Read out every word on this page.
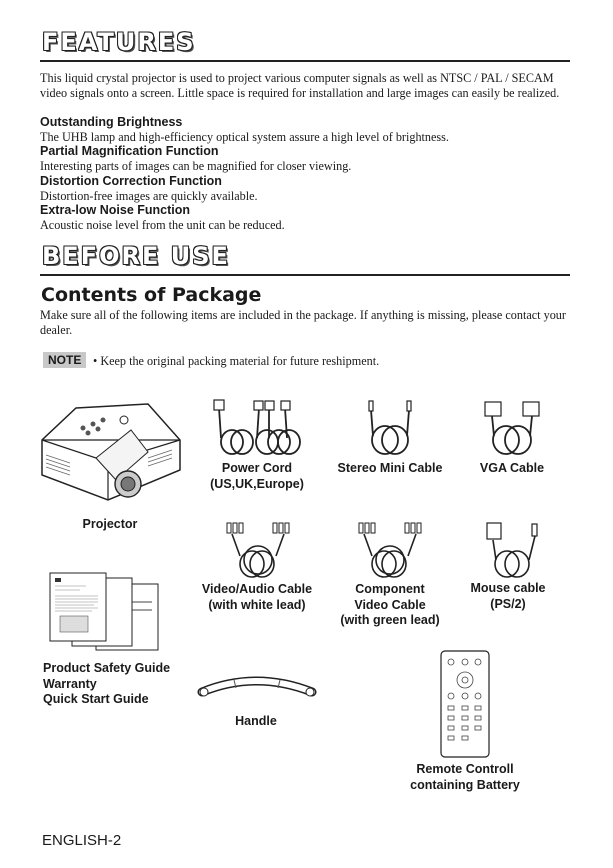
FEATURES
This liquid crystal projector is used to project various computer signals as well as NTSC / PAL / SECAM video signals onto a screen. Little space is required for installation and large images can easily be realized.
Outstanding Brightness
The UHB lamp and high-efficiency optical system assure a high level of brightness.
Partial Magnification Function
Interesting parts of images can be magnified for closer viewing.
Distortion Correction Function
Distortion-free images are quickly available.
Extra-low Noise Function
Acoustic noise level from the unit can be reduced.
BEFORE USE
Contents of Package
Make sure all of the following items are included in the package. If anything is missing, please contact your dealer.
NOTE • Keep the original packing material for future reshipment.
Projector
Power Cord
(US,UK,Europe)
Stereo Mini Cable	VGA Cable
Video/Audio Cable
(with white lead)
Component
Video Cable
(with green lead)
Mouse cable
(PS/2)
Product Safety Guide
Warranty
Quick Start Guide
Handle
Remote Controll
containing Battery
ENGLISH-2
